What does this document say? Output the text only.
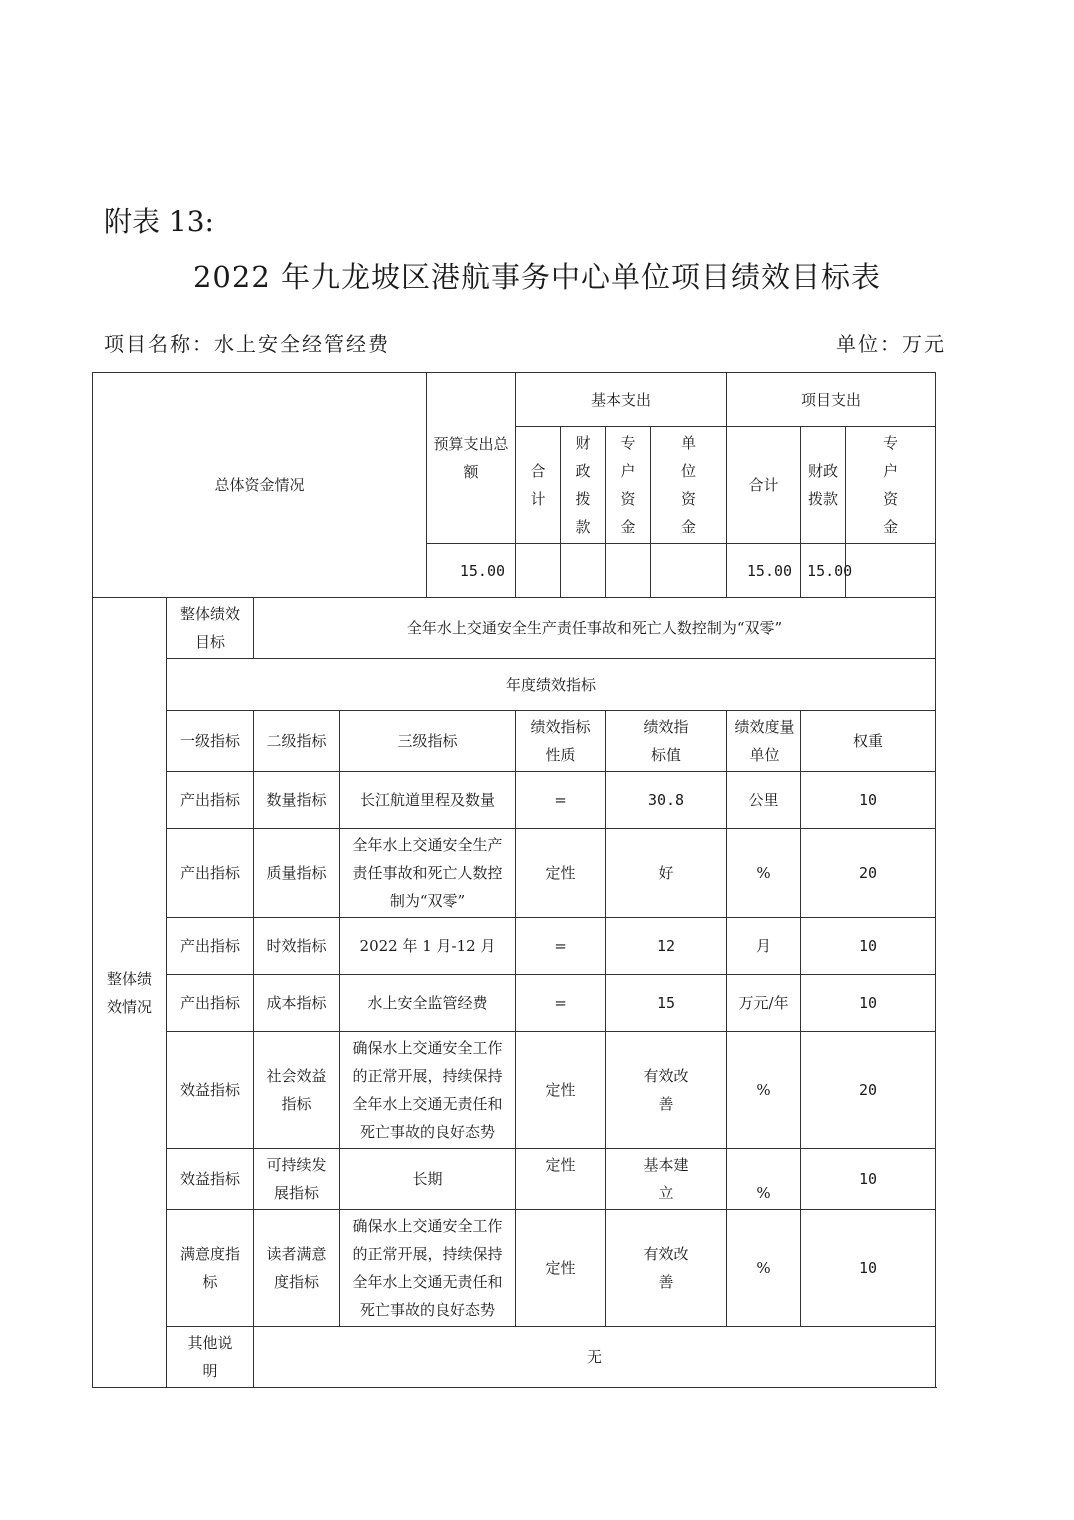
附表 13:
2022 年九龙坡区港航事务中心单位项目绩效目标表
项目名称：水上安全经管经费	单位：万元
总体资金情况				预算支出总额	基本支出				项目支出			
					合计	财政拨款	专户资金	单位资金	合计	财政拨款	专户资金	
				15.00					15.00	15.00		
整体绩效情况	整体绩效目标	全年水上交通安全生产责任事故和死亡人数控制为“双零”										
	年度绩效指标											
	一级指标	二级指标	三级指标		绩效指标性质		绩效指标值		绩效度量单位	权重		
	产出指标	数量指标	长江航道里程及数量		=		30.8		公里	10		
	产出指标	质量指标	全年水上交通安全生产责任事故和死亡人数控制为“双零”		定性		好		%	20		
	产出指标	时效指标	2022 年 1 月-12 月		=		12		月	10		
	产出指标	成本指标	水上安全监管经费		=		15		万元/年	10		
	效益指标	社会效益指标	确保水上交通安全工作的正常开展，持续保持全年水上交通无责任和死亡事故的良好态势		定性		有效改善		%	20		
	效益指标	可持续发展指标	长期		定性		基本建立		%	10		
	满意度指标	读者满意度指标	确保水上交通安全工作的正常开展，持续保持全年水上交通无责任和死亡事故的良好态势		定性		有效改善		%	10		
	其他说明	无										
